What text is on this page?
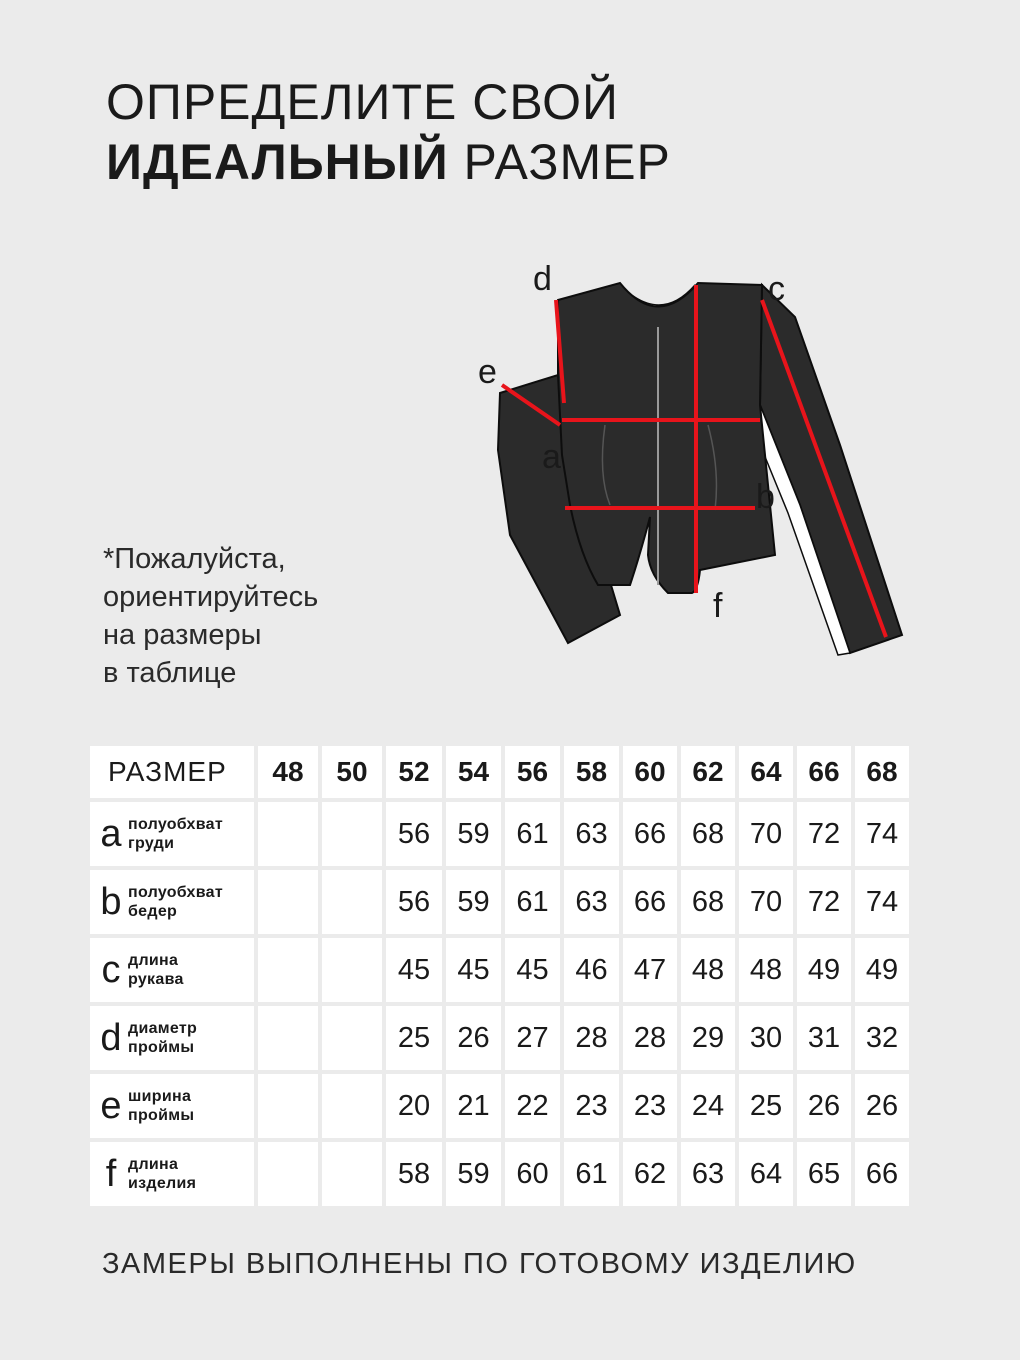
ОПРЕДЕЛИТЕ СВОЙ
ИДЕАЛЬНЫЙ РАЗМЕР
*Пожалуйста,
ориентируйтесь
на размеры
в таблице
d	c
e
a
b
f
РАЗМЕР	48	50	52	54	56	58	60	62	64	66	68

a полуобхват
груди			56	59	61	63	66	68	70	72	74

b полуобхват
бедер			56	59	61	63	66	68	70	72	74

c длина
рукава			45	45	45	46	47	48	48	49	49

d диаметр
проймы			25	26	27	28	28	29	30	31	32

e ширина
проймы			20	21	22	23	23	24	25	26	26

f длина
изделия			58	59	60	61	62	63	64	65	66
ЗАМЕРЫ ВЫПОЛНЕНЫ ПО ГОТОВОМУ ИЗДЕЛИЮ
